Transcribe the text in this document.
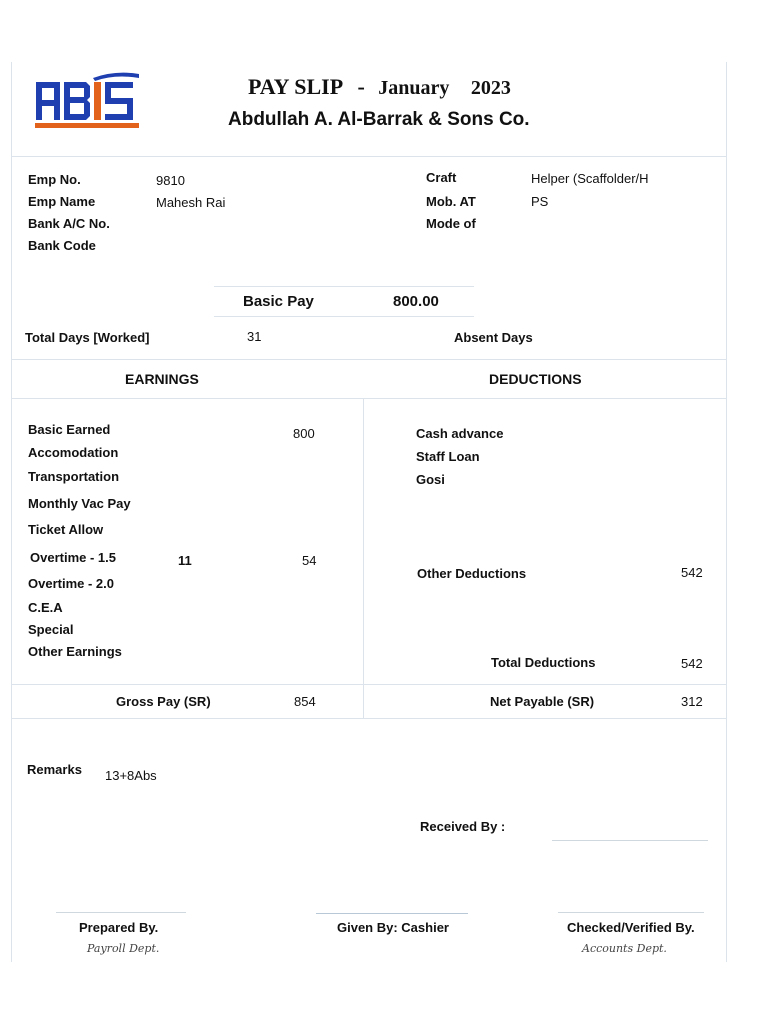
PAY SLIP - January 2023
Abdullah A. Al-Barrak & Sons Co.
Emp No.	9810
Emp Name	Mahesh Rai
Bank A/C No.
Bank Code
Craft	Helper (Scaffolder/H
Mob. AT	PS
Mode of
Basic Pay	800.00
Total Days [Worked]	31	Absent Days
EARNINGS	DEDUCTIONS
Basic Earned	800
Accomodation
Transportation
Monthly Vac Pay
Ticket Allow
Overtime - 1.5	11	54
Overtime - 2.0
C.E.A
Special
Other Earnings
Cash advance
Staff Loan
Gosi
Other Deductions	542
Total Deductions	542
Gross Pay (SR)	854	Net Payable (SR)	312
Remarks 13+8Abs
Received By :
Prepared By.
Payroll Dept.
Given By: Cashier	Checked/Verified By.
Accounts Dept.
